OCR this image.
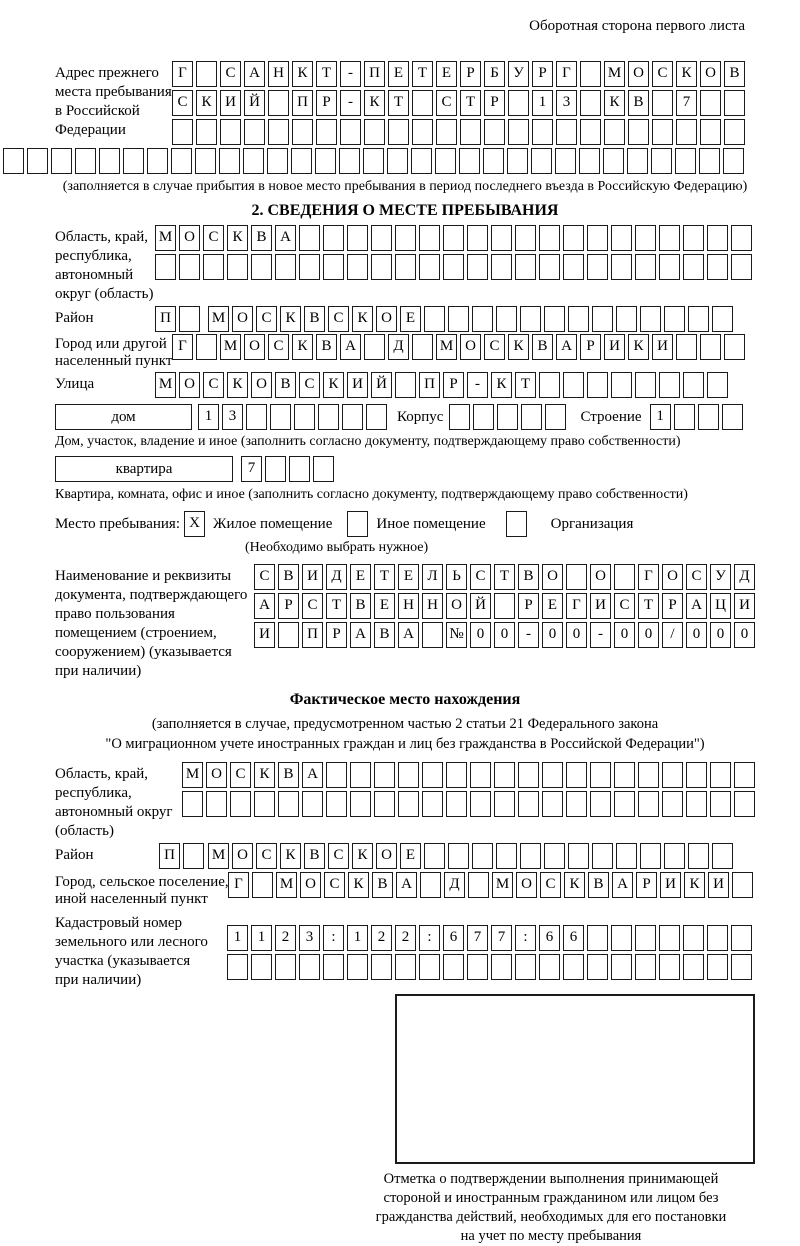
Оборотная сторона первого листа
Адрес прежнего
места пребывания
в Российской
Федерации
Г	С А Н К Т	-	П Е Т Е	Р	Б У Р	Г	М О С К О В
С К И Й	П Р	-	К Т	С Т	Р	1	3	К В	7
(заполняется в случае прибытия в новое место пребывания в период последнего въезда в Российскую Федерацию)
2. СВЕДЕНИЯ О МЕСТЕ ПРЕБЫВАНИЯ
Область, край,
республика,
автономный
округ (область)
М О С К В А
Район	П	М О С К В С К О Е
Город или другой
населенный пункт
Г	М О С К В А	Д	М О С К В А Р И К И
Улица	М О С К О В С К И Й	П Р	-	К Т
дом	1	3	Корпус	Строение 1
Дом, участок, владение и иное (заполнить согласно документу, подтверждающему право собственности)
квартира	7
Квартира, комната, офис и иное (заполнить согласно документу, подтверждающему право собственности)
Место пребывания: X Жилое помещение	Иное помещение	Организация
(Необходимо выбрать нужное)
Наименование и реквизиты
документа, подтверждающего
право пользования
помещением (строением,
сооружением) (указывается
при наличии)
С В И Д Е Т Е Л Ь С Т В О	О	Г О С У Д
А Р С Т В Е Н Н О Й	Р	Е	Г И С Т	Р А Ц И
И	П Р А В А	№ 0	0	-	0	0	-	0	0	/	0	0	0
Фактическое место нахождения
(заполняется в случае, предусмотренном частью 2 статьи 21 Федерального закона
"О миграционном учете иностранных граждан и лиц без гражданства в Российской Федерации")
Область, край,
республика,
автономный округ
(область)
М О С К В А
Район	П	М О С К В С К О Е
Город, сельское поселение,
иной населенный пункт
Г	М О С К В А	Д	М О С К В А Р И К И
Кадастровый номер
земельного или лесного
участка (указывается
при наличии)
1	1	2	3	:	1	2	2	:	6	7	7	:	6	6
Отметка о подтверждении выполнения принимающей
стороной и иностранным гражданином или лицом без
гражданства действий, необходимых для его постановки
на учет по месту пребывания
